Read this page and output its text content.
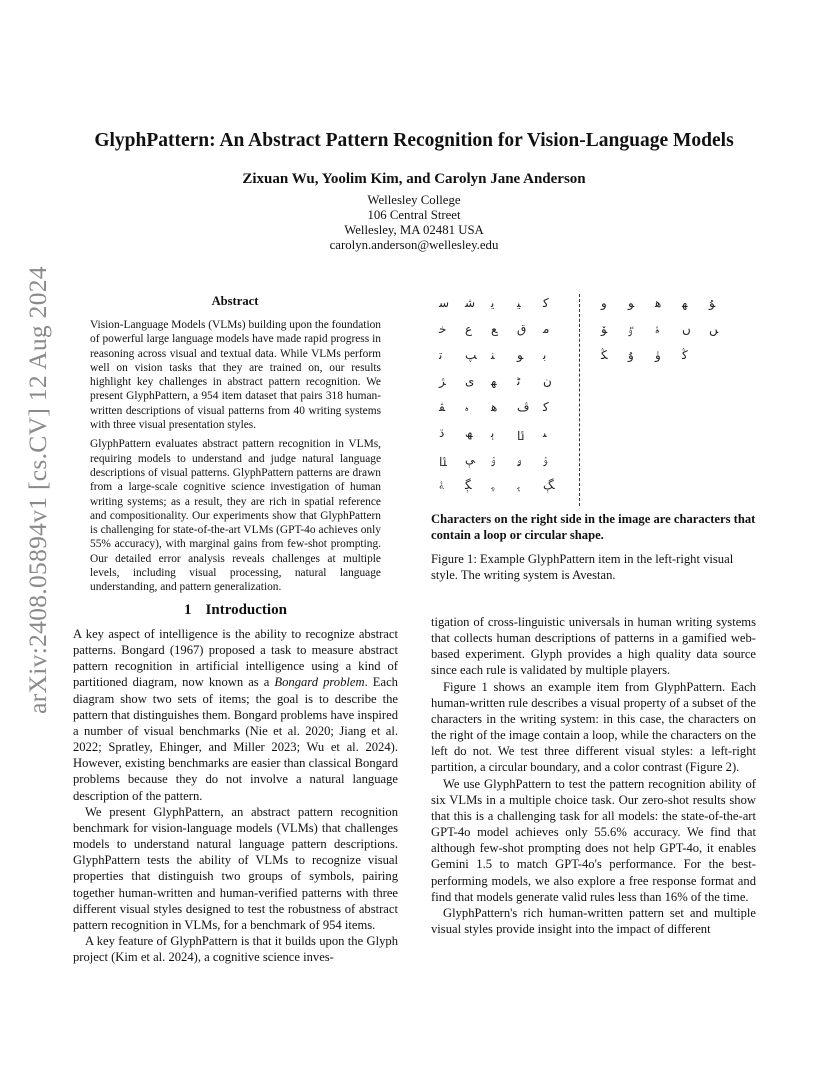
arXiv:2408.05894v1 [cs.CV] 12 Aug 2024
GlyphPattern: An Abstract Pattern Recognition for Vision-Language Models
Zixuan Wu, Yoolim Kim, and Carolyn Jane Anderson
Wellesley College
106 Central Street
Wellesley, MA 02481 USA
carolyn.anderson@wellesley.edu
Abstract

Vision-Language Models (VLMs) building upon the foundation of powerful large language models have made rapid progress in reasoning across visual and textual data. While VLMs perform well on vision tasks that they are trained on, our results highlight key challenges in abstract pattern recognition. We present GlyphPattern, a 954 item dataset that pairs 318 human-written descriptions of visual patterns from 40 writing systems with three visual presentation styles.

GlyphPattern evaluates abstract pattern recognition in VLMs, requiring models to understand and judge natural language descriptions of visual patterns. GlyphPattern patterns are drawn from a large-scale cognitive science investigation of human writing systems; as a result, they are rich in spatial reference and compositionality. Our experiments show that GlyphPattern is challenging for state-of-the-art VLMs (GPT-4o achieves only 55% accuracy), with marginal gains from few-shot prompting. Our detailed error analysis reveals challenges at multiple levels, including visual processing, natural language understanding, and pattern generalization.

1 Introduction

A key aspect of intelligence is the ability to recognize abstract patterns. Bongard (1967) proposed a task to measure abstract pattern recognition in artificial intelligence using a kind of partitioned diagram, now known as a Bongard problem. Each diagram show two sets of items; the goal is to describe the pattern that distinguishes them. Bongard problems have inspired a number of visual benchmarks (Nie et al. 2020; Jiang et al. 2022; Spratley, Ehinger, and Miller 2023; Wu et al. 2024). However, existing benchmarks are easier than classical Bongard problems because they do not involve a natural language description of the pattern.

We present GlyphPattern, an abstract pattern recognition benchmark for vision-language models (VLMs) that challenges models to understand natural language pattern descriptions. GlyphPattern tests the ability of VLMs to recognize visual properties that distinguish two groups of symbols, pairing together human-written and human-verified patterns with three different visual styles designed to test the robustness of abstract pattern recognition in VLMs, for a benchmark of 954 items.

A key feature of GlyphPattern is that it builds upon the Glyph project (Kim et al. 2024), a cognitive science inves-

ﺳ ﺷ ﯾ ﯿ ﻛ
ﺧ ﻉ ﻊ ﻕ ﻣ
ﺗ ﭗ ﻨ ﻮ ﺑ
ﮋ ﯼ ﻬ ﮢ ﻥ
ﭭ ﮦ ﮬ ﭪ ﮐ
ﮄ ﮫ ﯦ ﯪ ﯩ
ﯫ ﯥ ﯢ ﯠ ﯣ
ﮥ ﮙ ﮩ ﮨ ﮗ
ﻭ ﻮ ﻫ ﻬ ﯘ
ﯚ ﯝ ﮤ ﮞ ﮟ
ﯖ ﯗ ﯛ ﯕ
Characters on the right side in the image are characters that contain a loop or circular shape.
Figure 1: Example GlyphPattern item in the left-right visual style. The writing system is Avestan.

tigation of cross-linguistic universals in human writing systems that collects human descriptions of patterns in a gamified web-based experiment. Glyph provides a high quality data source since each rule is validated by multiple players.

Figure 1 shows an example item from GlyphPattern. Each human-written rule describes a visual property of a subset of the characters in the writing system: in this case, the characters on the right of the image contain a loop, while the characters on the left do not. We test three different visual styles: a left-right partition, a circular boundary, and a color contrast (Figure 2).

We use GlyphPattern to test the pattern recognition ability of six VLMs in a multiple choice task. Our zero-shot results show that this is a challenging task for all models: the state-of-the-art GPT-4o model achieves only 55.6% accuracy. We find that although few-shot prompting does not help GPT-4o, it enables Gemini 1.5 to match GPT-4o's performance. For the best-performing models, we also explore a free response format and find that models generate valid rules less than 16% of the time.

GlyphPattern's rich human-written pattern set and multiple visual styles provide insight into the impact of different
